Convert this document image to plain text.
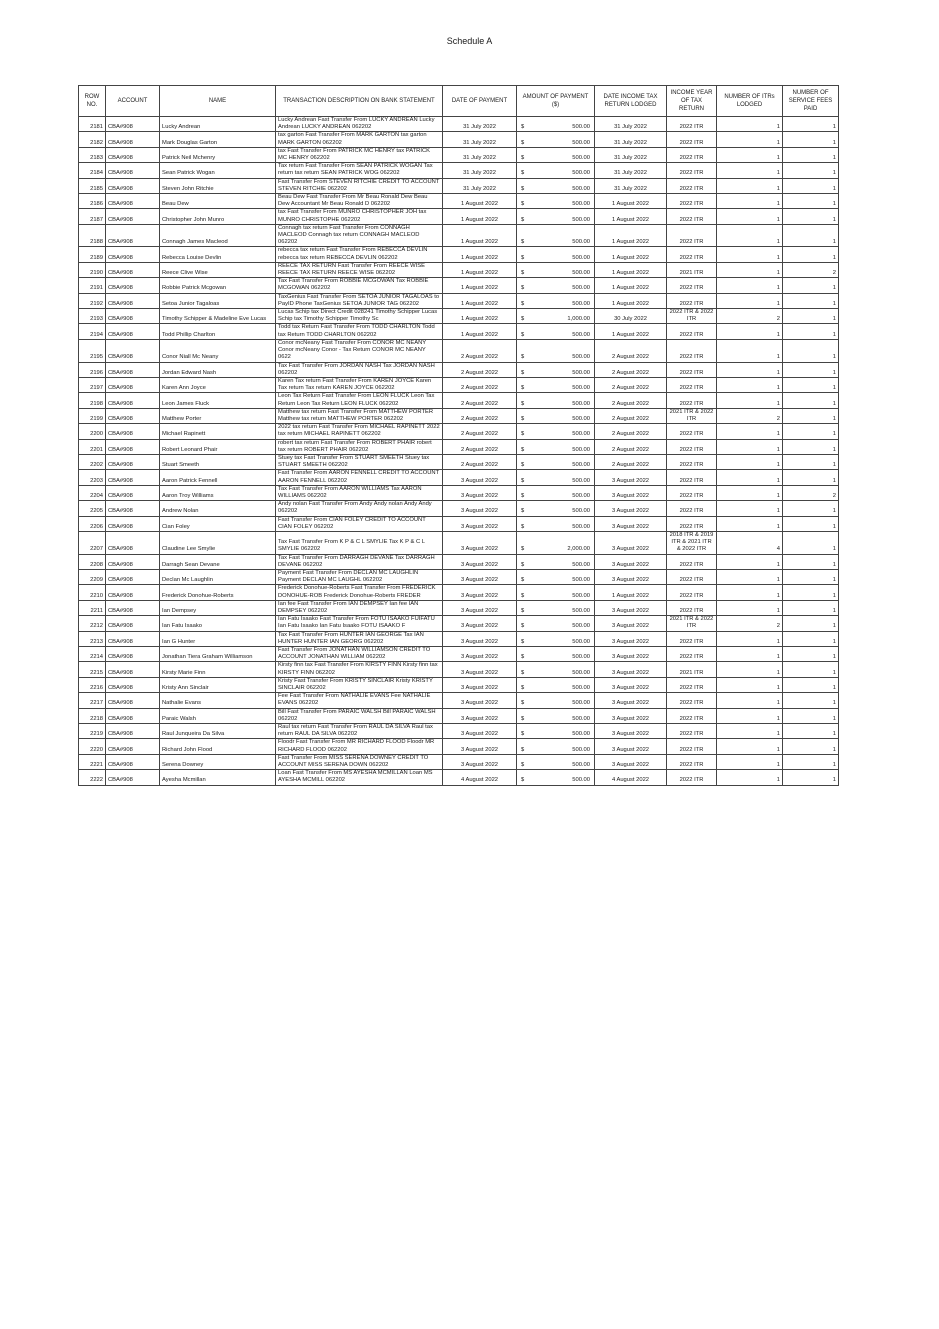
Schedule A
ROW NO.	ACCOUNT	NAME	TRANSACTION DESCRIPTION ON BANK STATEMENT	DATE OF PAYMENT	AMOUNT OF PAYMENT ($)	DATE INCOME TAX RETURN LODGED	INCOME YEAR OF TAX RETURN	NUMBER OF ITRs LODGED	NUMBER OF SERVICE FEES PAID
2181	CBA#908	Lucky Andrean	Lucky Andrean Fast Transfer From LUCKY ANDREAN Lucky Andrean LUCKY ANDREAN 062202	31 July 2022	$ 500.00	31 July 2022	2022 ITR	1	1
2182	CBA#908	Mark Douglas Garton	tax garton Fast Transfer From MARK GARTON tax garton MARK GARTON 062202	31 July 2022	$ 500.00	31 July 2022	2022 ITR	1	1
2183	CBA#908	Patrick Neil Mchenry	tax Fast Transfer From PATRICK MC HENRY tax PATRICK MC HENRY 062202	31 July 2022	$ 500.00	31 July 2022	2022 ITR	1	1
2184	CBA#908	Sean Patrick Wogan	Tax return Fast Transfer From SEAN PATRICK WOGAN Tax return tax return SEAN PATRICK WOG 062202	31 July 2022	$ 500.00	31 July 2022	2022 ITR	1	1
2185	CBA#908	Steven John Ritchie	Fast Transfer From STEVEN RITCHIE CREDIT TO ACCOUNT STEVEN RITCHIE 062202	31 July 2022	$ 500.00	31 July 2022	2022 ITR	1	1
2186	CBA#908	Beau Dew	Beau Dew Fast Transfer From Mr Beau Ronald Dew Beau Dew Accountant Mr Beau Ronald D 062202	1 August 2022	$ 500.00	1 August 2022	2022 ITR	1	1
2187	CBA#908	Christopher John Munro	tax Fast Transfer From MUNRO CHRISTOPHER JOH tax MUNRO CHRISTOPHE 062202	1 August 2022	$ 500.00	1 August 2022	2022 ITR	1	1
2188	CBA#908	Connagh James Macleod	Connagh tax return Fast Transfer From CONNAGH MACLEOD Connagh tax return CONNAGH MACLEOD 062202	1 August 2022	$ 500.00	1 August 2022	2022 ITR	1	1
2189	CBA#908	Rebecca Louise Devlin	rebecca tax return Fast Transfer From REBECCA DEVLIN rebecca tax return REBECCA DEVLIN 062202	1 August 2022	$ 500.00	1 August 2022	2022 ITR	1	1
2190	CBA#908	Reece Clive Wise	REECE TAX RETURN Fast Transfer From REECE WISE REECE TAX RETURN REECE WISE 062202	1 August 2022	$ 500.00	1 August 2022	2021 ITR	1	2
2191	CBA#908	Robbie Patrick Mcgowan	Tax Fast Transfer From ROBBIE MCGOWAN Tax ROBBIE MCGOWAN 062202	1 August 2022	$ 500.00	1 August 2022	2022 ITR	1	1
2192	CBA#908	Setoa Junior Tagaloas	TaxGenius Fast Transfer From SETOA JUNIOR TAGALOAS to PayID Phone TaxGenius SETOA JUNIOR TAG 062202	1 August 2022	$ 500.00	1 August 2022	2022 ITR	1	1
2193	CBA#908	Timothy Schipper & Madeline Eve Lucas	Lucas Schip tax Direct Credit 028241 Timothy Schipper Lucas Schip tax Timothy Schipper Timothy Sc	1 August 2022	$ 1,000.00	30 July 2022	2022 ITR & 2022 ITR	2	1
2194	CBA#908	Todd Phillip Charlton	Todd tax Return Fast Transfer From TODD CHARLTON Todd tax Return TODD CHARLTON 062202	1 August 2022	$ 500.00	1 August 2022	2022 ITR	1	1
2195	CBA#908	Conor Niall Mc Neany	Conor mcNeany Fast Transfer From CONOR MC NEANY Conor mcNeany Conor - Tax Return CONOR MC NEANY 0622	2 August 2022	$ 500.00	2 August 2022	2022 ITR	1	1
2196	CBA#908	Jordan Edward Nash	Tax Fast Transfer From JORDAN NASH Tax JORDAN NASH 062202	2 August 2022	$ 500.00	2 August 2022	2022 ITR	1	1
2197	CBA#908	Karen Ann Joyce	Karen Tax return Fast Transfer From KAREN JOYCE Karen Tax return Tax return KAREN JOYCE 062202	2 August 2022	$ 500.00	2 August 2022	2022 ITR	1	1
2198	CBA#908	Leon James Fluck	Leon Tax Return Fast Transfer From LEON FLUCK Leon Tax Return Leon Tax Return LEON FLUCK 062202	2 August 2022	$ 500.00	2 August 2022	2022 ITR	1	1
2199	CBA#908	Matthew Porter	Matthew tax return Fast Transfer From MATTHEW PORTER Matthew tax return MATTHEW PORTER 062202	2 August 2022	$ 500.00	2 August 2022	2021 ITR & 2022 ITR	2	1
2200	CBA#908	Michael Rapinett	2022 tax return Fast Transfer From MICHAEL RAPINETT 2022 tax return MICHAEL RAPINETT 062202	2 August 2022	$ 500.00	2 August 2022	2022 ITR	1	1
2201	CBA#908	Robert Leonard Phair	robert tax return Fast Transfer From ROBERT PHAIR robert tax return ROBERT PHAIR 062202	2 August 2022	$ 500.00	2 August 2022	2022 ITR	1	1
2202	CBA#908	Stuart Smeeth	Stuey tax Fast Transfer From STUART SMEETH Stuey tax STUART SMEETH 062202	2 August 2022	$ 500.00	2 August 2022	2022 ITR	1	1
2203	CBA#908	Aaron Patrick Fennell	Fast Transfer From AARON FENNELL CREDIT TO ACCOUNT AARON FENNELL 062202	3 August 2022	$ 500.00	3 August 2022	2022 ITR	1	1
2204	CBA#908	Aaron Troy Williams	Tax Fast Transfer From AARON WILLIAMS Tax AARON WILLIAMS 062202	3 August 2022	$ 500.00	3 August 2022	2022 ITR	1	2
2205	CBA#908	Andrew Nolan	Andy nolan Fast Transfer From Andy Andy nolan Andy Andy 062202	3 August 2022	$ 500.00	3 August 2022	2022 ITR	1	1
2206	CBA#908	Cian Foley	Fast Transfer From CIAN FOLEY CREDIT TO ACCOUNT CIAN FOLEY 062202	3 August 2022	$ 500.00	3 August 2022	2022 ITR	1	1
2207	CBA#908	Claudine Lee Smylie	Tax Fast Transfer From K P & C L SMYLIE Tax K P & C L SMYLIE 062202	3 August 2022	$ 2,000.00	3 August 2022	2018 ITR & 2019 ITR & 2021 ITR & 2022 ITR	4	1
2208	CBA#908	Darragh Sean Devane	Tax Fast Transfer From DARRAGH DEVANE Tax DARRAGH DEVANE 062202	3 August 2022	$ 500.00	3 August 2022	2022 ITR	1	1
2209	CBA#908	Declan Mc Laughlin	Payment Fast Transfer From DECLAN MC LAUGHLIN Payment DECLAN MC LAUGHL 062202	3 August 2022	$ 500.00	3 August 2022	2022 ITR	1	1
2210	CBA#908	Frederick Donohue-Roberts	Frederick Donohue-Roberts Fast Transfer From FREDERICK DONOHUE-ROB Frederick Donohue-Roberts FREDER	3 August 2022	$ 500.00	1 August 2022	2022 ITR	1	1
2211	CBA#908	Ian Dempsey	Ian fee Fast Transfer From IAN DEMPSEY Ian fee IAN DEMPSEY 062202	3 August 2022	$ 500.00	3 August 2022	2022 ITR	1	1
2212	CBA#908	Ian Fatu Isaako	Ian Fatu Isaako Fast Transfer From FOTU ISAAKO FUIFATU Ian Fatu Isaako Ian Fatu Isaako FOTU ISAAKO F	3 August 2022	$ 500.00	3 August 2022	2021 ITR & 2022 ITR	2	1
2213	CBA#908	Ian G Hunter	Tax Fast Transfer From HUNTER IAN GEORGE Tax IAN HUNTER HUNTER IAN GEORG 062202	3 August 2022	$ 500.00	3 August 2022	2022 ITR	1	1
2214	CBA#908	Jonathan Tiera Graham Williamson	Fast Transfer From JONATHAN WILLIAMSON CREDIT TO ACCOUNT JONATHAN WILLIAM 062202	3 August 2022	$ 500.00	3 August 2022	2022 ITR	1	1
2215	CBA#908	Kirsty Marie Finn	Kirsty finn tax Fast Transfer From KIRSTY FINN Kirsty finn tax KIRSTY FINN 062202	3 August 2022	$ 500.00	3 August 2022	2021 ITR	1	1
2216	CBA#908	Kristy Ann Sinclair	Kristy Fast Transfer From KRISTY SINCLAIR Kristy KRISTY SINCLAIR 062202	3 August 2022	$ 500.00	3 August 2022	2022 ITR	1	1
2217	CBA#908	Nathalie Evans	Fee Fast Transfer From NATHALIE EVANS Fee NATHALIE EVANS 062202	3 August 2022	$ 500.00	3 August 2022	2022 ITR	1	1
2218	CBA#908	Paraic Walsh	Bill Fast Transfer From PARAIC WALSH Bill PARAIC WALSH 062202	3 August 2022	$ 500.00	3 August 2022	2022 ITR	1	1
2219	CBA#908	Raul Junqueira Da Silva	Raul tax return Fast Transfer From RAUL DA SILVA Raul tax return RAUL DA SILVA 062202	3 August 2022	$ 500.00	3 August 2022	2022 ITR	1	1
2220	CBA#908	Richard John Flood	Floodr Fast Transfer From MR RICHARD FLOOD Floodr MR RICHARD FLOOD 062202	3 August 2022	$ 500.00	3 August 2022	2022 ITR	1	1
2221	CBA#908	Serena Downey	Fast Transfer From MISS SERENA DOWNEY CREDIT TO ACCOUNT MISS SERENA DOWN 062202	3 August 2022	$ 500.00	3 August 2022	2022 ITR	1	1
2222	CBA#908	Ayesha Mcmillan	Loan Fast Transfer From MS AYESHA MCMILLAN Loan MS AYESHA MCMILL 062202	4 August 2022	$ 500.00	4 August 2022	2022 ITR	1	1
